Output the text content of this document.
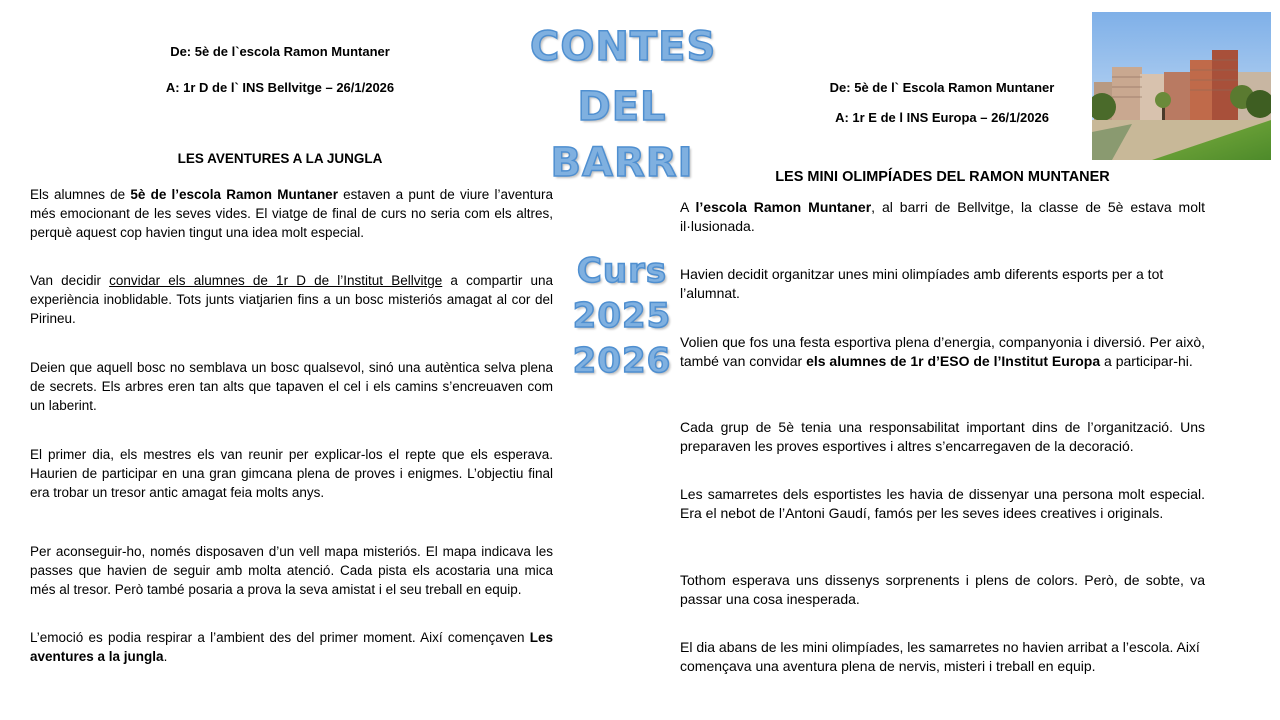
De: 5è de l`escola Ramon Muntaner
A: 1r D de l` INS Bellvitge – 26/1/2026
LES AVENTURES A LA JUNGLA

Els alumnes de 5è de l’escola Ramon Muntaner estaven a punt de viure l’aventura més emocionant de les seves vides. El viatge de final de curs no seria com els altres, perquè aquest cop havien tingut una idea molt especial.

Van decidir convidar els alumnes de 1r D de l’Institut Bellvitge a compartir una experiència inoblidable. Tots junts viatjarien fins a un bosc misteriós amagat al cor del Pirineu.

Deien que aquell bosc no semblava un bosc qualsevol, sinó una autèntica selva plena de secrets. Els arbres eren tan alts que tapaven el cel i els camins s’encreuaven com un laberint.

El primer dia, els mestres els van reunir per explicar-los el repte que els esperava. Haurien de participar en una gran gimcana plena de proves i enigmes. L’objectiu final era trobar un tresor antic amagat feia molts anys.

Per aconseguir-ho, només disposaven d’un vell mapa misteriós. El mapa indicava les passes que havien de seguir amb molta atenció. Cada pista els acostaria una mica més al tresor. Però també posaria a prova la seva amistat i el seu treball en equip.

L’emoció es podia respirar a l’ambient des del primer moment. Així començaven Les aventures a la jungla.

CONTES
DEL
BARRI
Curs
2025
2026
De: 5è de l` Escola Ramon Muntaner
A: 1r E de l INS Europa – 26/1/2026
LES MINI OLIMPÍADES DEL RAMON MUNTANER

A l’escola Ramon Muntaner, al barri de Bellvitge, la classe de 5è estava molt il·lusionada.

Havien decidit organitzar unes mini olimpíades amb diferents esports per a tot l’alumnat.

Volien que fos una festa esportiva plena d’energia, companyonia i diversió. Per això, també van convidar els alumnes de 1r d’ESO de l’Institut Europa a participar-hi.

Cada grup de 5è tenia una responsabilitat important dins de l’organització. Uns preparaven les proves esportives i altres s’encarregaven de la decoració.

Les samarretes dels esportistes les havia de dissenyar una persona molt especial. Era el nebot de l’Antoni Gaudí, famós per les seves idees creatives i originals.

Tothom esperava uns dissenys sorprenents i plens de colors. Però, de sobte, va passar una cosa inesperada.

El dia abans de les mini olimpíades, les samarretes no havien arribat a l’escola. Així començava una aventura plena de nervis, misteri i treball en equip.
